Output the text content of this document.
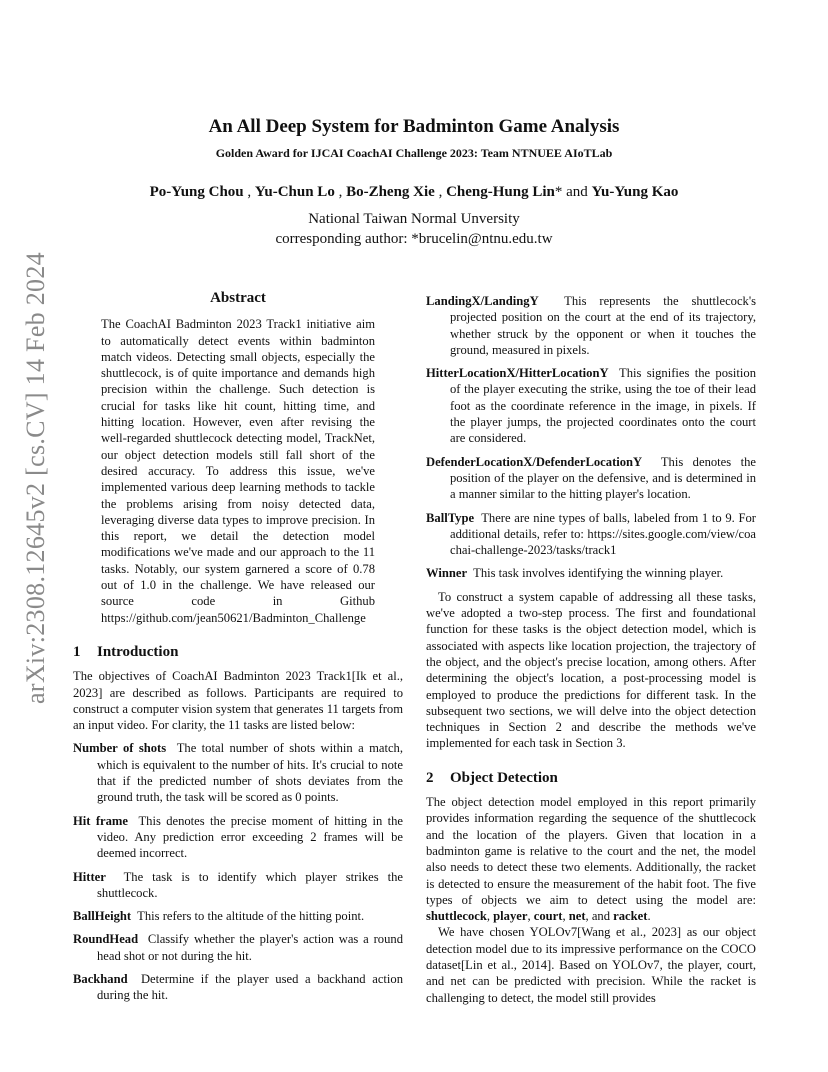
arXiv:2308.12645v2 [cs.CV] 14 Feb 2024
An All Deep System for Badminton Game Analysis
Golden Award for IJCAI CoachAI Challenge 2023: Team NTNUEE AIoTLab
Po-Yung Chou , Yu-Chun Lo , Bo-Zheng Xie , Cheng-Hung Lin* and Yu-Yung Kao
National Taiwan Normal Unversity
corresponding author: *brucelin@ntnu.edu.tw
Abstract

The CoachAI Badminton 2023 Track1 initiative aim to automatically detect events within badminton match videos. Detecting small objects, especially the shuttlecock, is of quite importance and demands high precision within the challenge. Such detection is crucial for tasks like hit count, hitting time, and hitting location. However, even after revising the well-regarded shuttlecock detecting model, TrackNet, our object detection models still fall short of the desired accuracy. To address this issue, we've implemented various deep learning methods to tackle the problems arising from noisy detected data, leveraging diverse data types to improve precision. In this report, we detail the detection model modifications we've made and our approach to the 11 tasks. Notably, our system garnered a score of 0.78 out of 1.0 in the challenge. We have released our source code in Github https://github.com/jean50621/Badminton_Challenge

1 Introduction

The objectives of CoachAI Badminton 2023 Track1[Ik et al., 2023] are described as follows. Participants are required to construct a computer vision system that generates 11 targets from an input video. For clarity, the 11 tasks are listed below:

Number of shots The total number of shots within a match, which is equivalent to the number of hits. It's crucial to note that if the predicted number of shots deviates from the ground truth, the task will be scored as 0 points.
Hit frame This denotes the precise moment of hitting in the video. Any prediction error exceeding 2 frames will be deemed incorrect.
Hitter The task is to identify which player strikes the shuttlecock.
BallHeight This refers to the altitude of the hitting point.
RoundHead Classify whether the player's action was a round head shot or not during the hit.
Backhand Determine if the player used a backhand action during the hit.
LandingX/LandingY This represents the shuttlecock's projected position on the court at the end of its trajectory, whether struck by the opponent or when it touches the ground, measured in pixels.
HitterLocationX/HitterLocationY This signifies the position of the player executing the strike, using the toe of their lead foot as the coordinate reference in the image, in pixels. If the player jumps, the projected coordinates onto the court are considered.
DefenderLocationX/DefenderLocationY This denotes the position of the player on the defensive, and is determined in a manner similar to the hitting player's location.
BallType There are nine types of balls, labeled from 1 to 9. For additional details, refer to: https://sites.google.com/view/coachai-challenge-2023/tasks/track1
Winner This task involves identifying the winning player.

To construct a system capable of addressing all these tasks, we've adopted a two-step process. The first and foundational function for these tasks is the object detection model, which is associated with aspects like location projection, the trajectory of the object, and the object's precise location, among others. After determining the object's location, a post-processing model is employed to produce the predictions for different task. In the subsequent two sections, we will delve into the object detection techniques in Section 2 and describe the methods we've implemented for each task in Section 3.

2 Object Detection

The object detection model employed in this report primarily provides information regarding the sequence of the shuttlecock and the location of the players. Given that location in a badminton game is relative to the court and the net, the model also needs to detect these two elements. Additionally, the racket is detected to ensure the measurement of the habit foot. The five types of objects we aim to detect using the model are: shuttlecock, player, court, net, and racket.

We have chosen YOLOv7[Wang et al., 2023] as our object detection model due to its impressive performance on the COCO dataset[Lin et al., 2014]. Based on YOLOv7, the player, court, and net can be predicted with precision. While the racket is challenging to detect, the model still provides
